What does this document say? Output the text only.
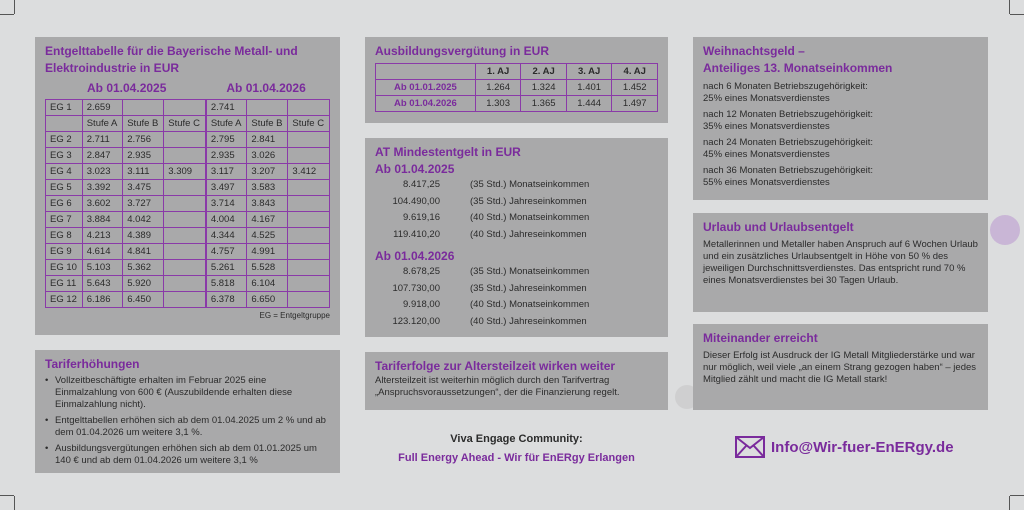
Entgelttabelle für die Bayerische Metall- und Elektroindustrie in EUR
Ab 01.04.2025	Ab 01.04.2026
EG 1	2.659			2.741		
	Stufe A	Stufe B	Stufe C	Stufe A	Stufe B	Stufe C
EG 2	2.711	2.756		2.795	2.841	
EG 3	2.847	2.935		2.935	3.026	
EG 4	3.023	3.111	3.309	3.117	3.207	3.412
EG 5	3.392	3.475		3.497	3.583	
EG 6	3.602	3.727		3.714	3.843	
EG 7	3.884	4.042		4.004	4.167	
EG 8	4.213	4.389		4.344	4.525	
EG 9	4.614	4.841		4.757	4.991	
EG 10	5.103	5.362		5.261	5.528	
EG 11	5.643	5.920		5.818	6.104	
EG 12	6.186	6.450		6.378	6.650	
EG = Entgeltgruppe
Tariferhöhungen
• Vollzeitbeschäftigte erhalten im Februar 2025 eine Einmalzahlung von 600 € (Auszubildende erhalten diese Einmalzahlung nicht).
• Entgelttabellen erhöhen sich ab dem 01.04.2025 um 2 % und ab dem 01.04.2026 um weitere 3,1 %.
• Ausbildungsvergütungen erhöhen sich ab dem 01.01.2025 um 140 € und ab dem 01.04.2026 um weitere 3,1 %
Ausbildungsvergütung in EUR
	1. AJ	2. AJ	3. AJ	4. AJ
Ab 01.01.2025	1.264	1.324	1.401	1.452
Ab 01.04.2026	1.303	1.365	1.444	1.497
AT Mindestentgelt in EUR
Ab 01.04.2025
8.417,25	(35 Std.) Monatseinkommen
104.490,00	(35 Std.) Jahreseinkommen
9.619,16	(40 Std.) Monatseinkommen
119.410,20	(40 Std.) Jahreseinkommen
Ab 01.04.2026
8.678,25	(35 Std.) Monatseinkommen
107.730,00	(35 Std.) Jahreseinkommen
9.918,00	(40 Std.) Monatseinkommen
123.120,00	(40 Std.) Jahreseinkommen
Tariferfolge zur Altersteilzeit wirken weiter
Altersteilzeit ist weiterhin möglich durch den Tarifvertrag „Anspruchsvoraussetzungen“, der die Finanzierung regelt.
Viva Engage Community:
Full Energy Ahead - Wir für EnERgy Erlangen
Weihnachtsgeld –
Anteiliges 13. Monatseinkommen
nach 6 Monaten Betriebszugehörigkeit:
25% eines Monatsverdienstes
nach 12 Monaten Betriebszugehörigkeit:
35% eines Monatsverdienstes
nach 24 Monaten Betriebszugehörigkeit:
45% eines Monatsverdienstes
nach 36 Monaten Betriebszugehörigkeit:
55% eines Monatsverdienstes
Urlaub und Urlaubsentgelt
Metallerinnen und Metaller haben Anspruch auf 6 Wochen Urlaub und ein zusätzliches Urlaubsentgelt in Höhe von 50 % des jeweiligen Durchschnittsverdienstes. Das entspricht rund 70 % eines Monatsverdienstes bei 30 Tagen Urlaub.
Miteinander erreicht
Dieser Erfolg ist Ausdruck der IG Metall Mitgliederstärke und war nur möglich, weil viele „an einem Strang gezogen haben“ – jedes Mitglied zählt und macht die IG Metall stark!
Info@Wir-fuer-EnERgy.de
